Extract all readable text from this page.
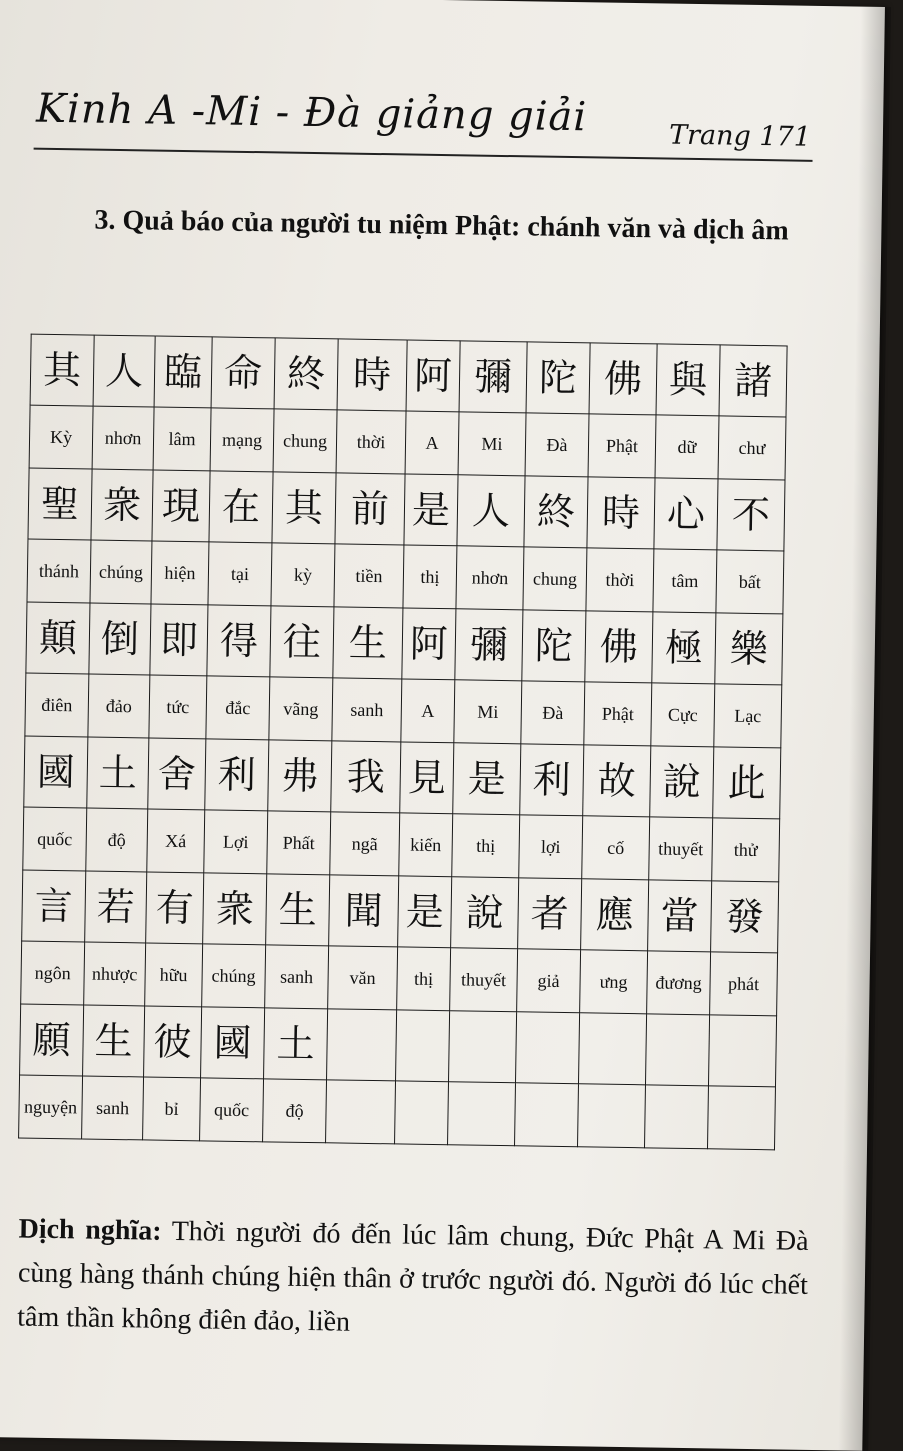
Kinh A -Mi - Đà giảng giải	Trang 171
3. Quả báo của người tu niệm Phật: chánh văn và dịch âm
其	人	臨	命	終	時	阿	彌	陀	佛	與	諸
Kỳ	nhơn	lâm	mạng	chung	thời	A	Mi	Đà	Phật	dữ	chư
聖	衆	現	在	其	前	是	人	終	時	心	不
thánh	chúng	hiện	tại	kỳ	tiền	thị	nhơn	chung	thời	tâm	bất
顛	倒	即	得	往	生	阿	彌	陀	佛	極	樂
điên	đảo	tức	đắc	vãng	sanh	A	Mi	Đà	Phật	Cực	Lạc
國	土	舍	利	弗	我	見	是	利	故	說	此
quốc	độ	Xá	Lợi	Phất	ngã	kiến	thị	lợi	cố	thuyết	thử
言	若	有	衆	生	聞	是	說	者	應	當	發
ngôn	nhược	hữu	chúng	sanh	văn	thị	thuyết	giả	ưng	đương	phát
願	生	彼	國	土							
nguyện	sanh	bỉ	quốc	độ							
Dịch nghĩa: Thời người đó đến lúc lâm chung, Đức Phật A Mi Đà cùng hàng thánh chúng hiện thân ở trước người đó. Người đó lúc chết tâm thần không điên đảo, liền
